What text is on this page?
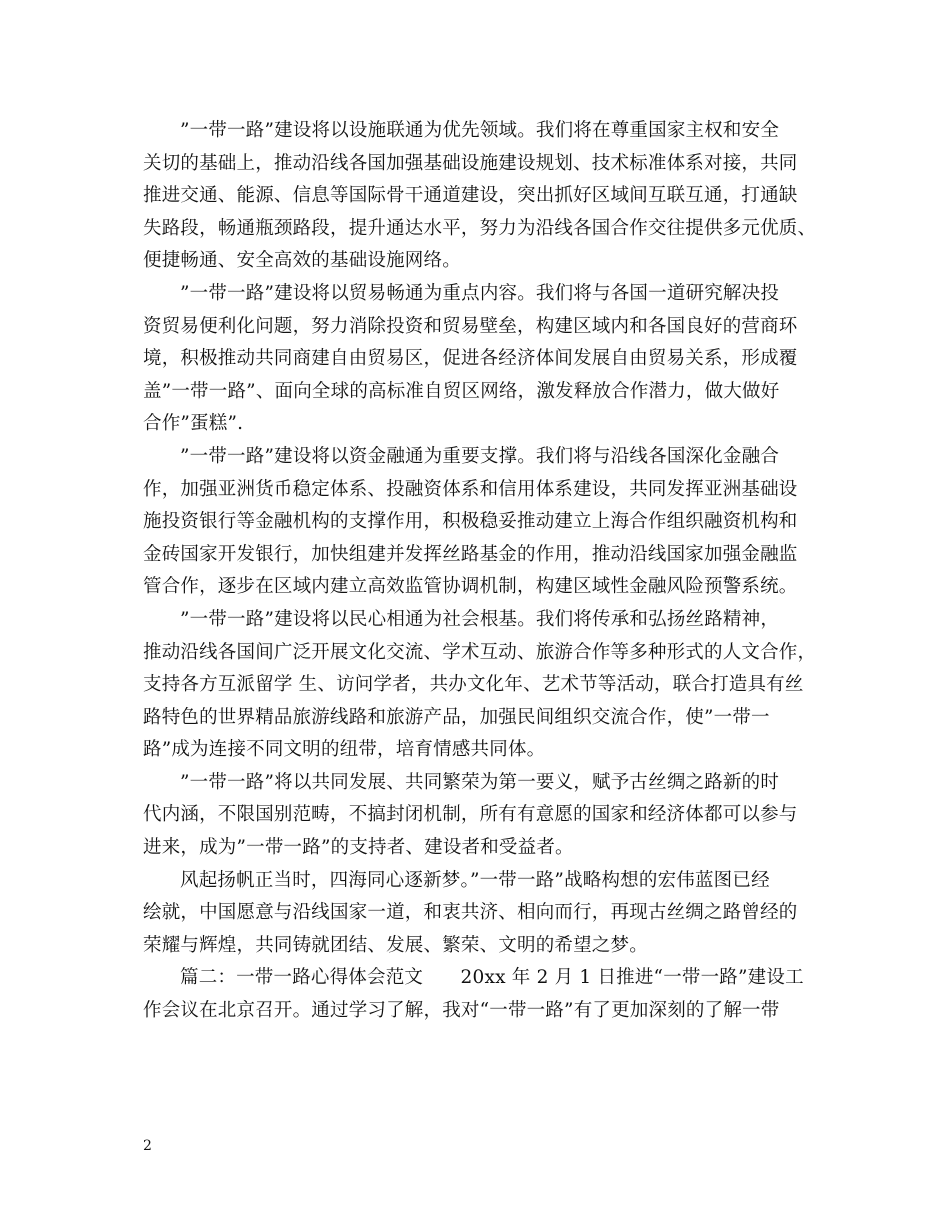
”一带一路”建设将以设施联通为优先领域。我们将在尊重国家主权和安全
关切的基础上，推动沿线各国加强基础设施建设规划、技术标准体系对接，共同
推进交通、能源、信息等国际骨干通道建设，突出抓好区域间互联互通，打通缺
失路段，畅通瓶颈路段，提升通达水平，努力为沿线各国合作交往提供多元优质、
便捷畅通、安全高效的基础设施网络。
”一带一路”建设将以贸易畅通为重点内容。我们将与各国一道研究解决投
资贸易便利化问题，努力消除投资和贸易壁垒，构建区域内和各国良好的营商环
境，积极推动共同商建自由贸易区，促进各经济体间发展自由贸易关系，形成覆
盖”一带一路”、面向全球的高标准自贸区网络，激发释放合作潜力，做大做好
合作”蛋糕”.
”一带一路”建设将以资金融通为重要支撑。我们将与沿线各国深化金融合
作，加强亚洲货币稳定体系、投融资体系和信用体系建设，共同发挥亚洲基础设
施投资银行等金融机构的支撑作用，积极稳妥推动建立上海合作组织融资机构和
金砖国家开发银行，加快组建并发挥丝路基金的作用，推动沿线国家加强金融监
管合作，逐步在区域内建立高效监管协调机制，构建区域性金融风险预警系统。
”一带一路”建设将以民心相通为社会根基。我们将传承和弘扬丝路精神，
推动沿线各国间广泛开展文化交流、学术互动、旅游合作等多种形式的人文合作，
支持各方互派留学 生、访问学者，共办文化年、艺术节等活动，联合打造具有丝
路特色的世界精品旅游线路和旅游产品，加强民间组织交流合作，使”一带一
路”成为连接不同文明的纽带，培育情感共同体。
”一带一路”将以共同发展、共同繁荣为第一要义，赋予古丝绸之路新的时
代内涵，不限国别范畴，不搞封闭机制，所有有意愿的国家和经济体都可以参与
进来，成为”一带一路”的支持者、建设者和受益者。
风起扬帆正当时，四海同心逐新梦。”一带一路”战略构想的宏伟蓝图已经
绘就，中国愿意与沿线国家一道，和衷共济、相向而行，再现古丝绸之路曾经的
荣耀与辉煌，共同铸就团结、发展、繁荣、文明的希望之梦。
篇二：一带一路心得体会范文　　20xx 年 2 月 1 日推进“一带一路”建设工
作会议在北京召开。通过学习了解，我对“一带一路”有了更加深刻的了解一带
2
